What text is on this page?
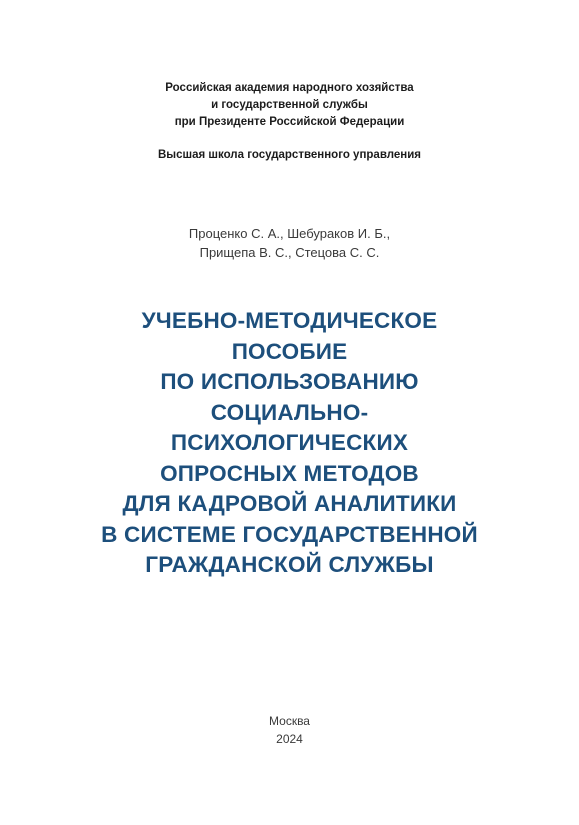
Российская академия народного хозяйства
и государственной службы
при Президенте Российской Федерации
Высшая школа государственного управления
Проценко С. А., Шебураков И. Б.,
Прищепа В. С., Стецова С. С.
УЧЕБНО-МЕТОДИЧЕСКОЕ
ПОСОБИЕ
ПО ИСПОЛЬЗОВАНИЮ
СОЦИАЛЬНО-
ПСИХОЛОГИЧЕСКИХ
ОПРОСНЫХ МЕТОДОВ
ДЛЯ КАДРОВОЙ АНАЛИТИКИ
В СИСТЕМЕ ГОСУДАРСТВЕННОЙ
ГРАЖДАНСКОЙ СЛУЖБЫ
Москва
2024
